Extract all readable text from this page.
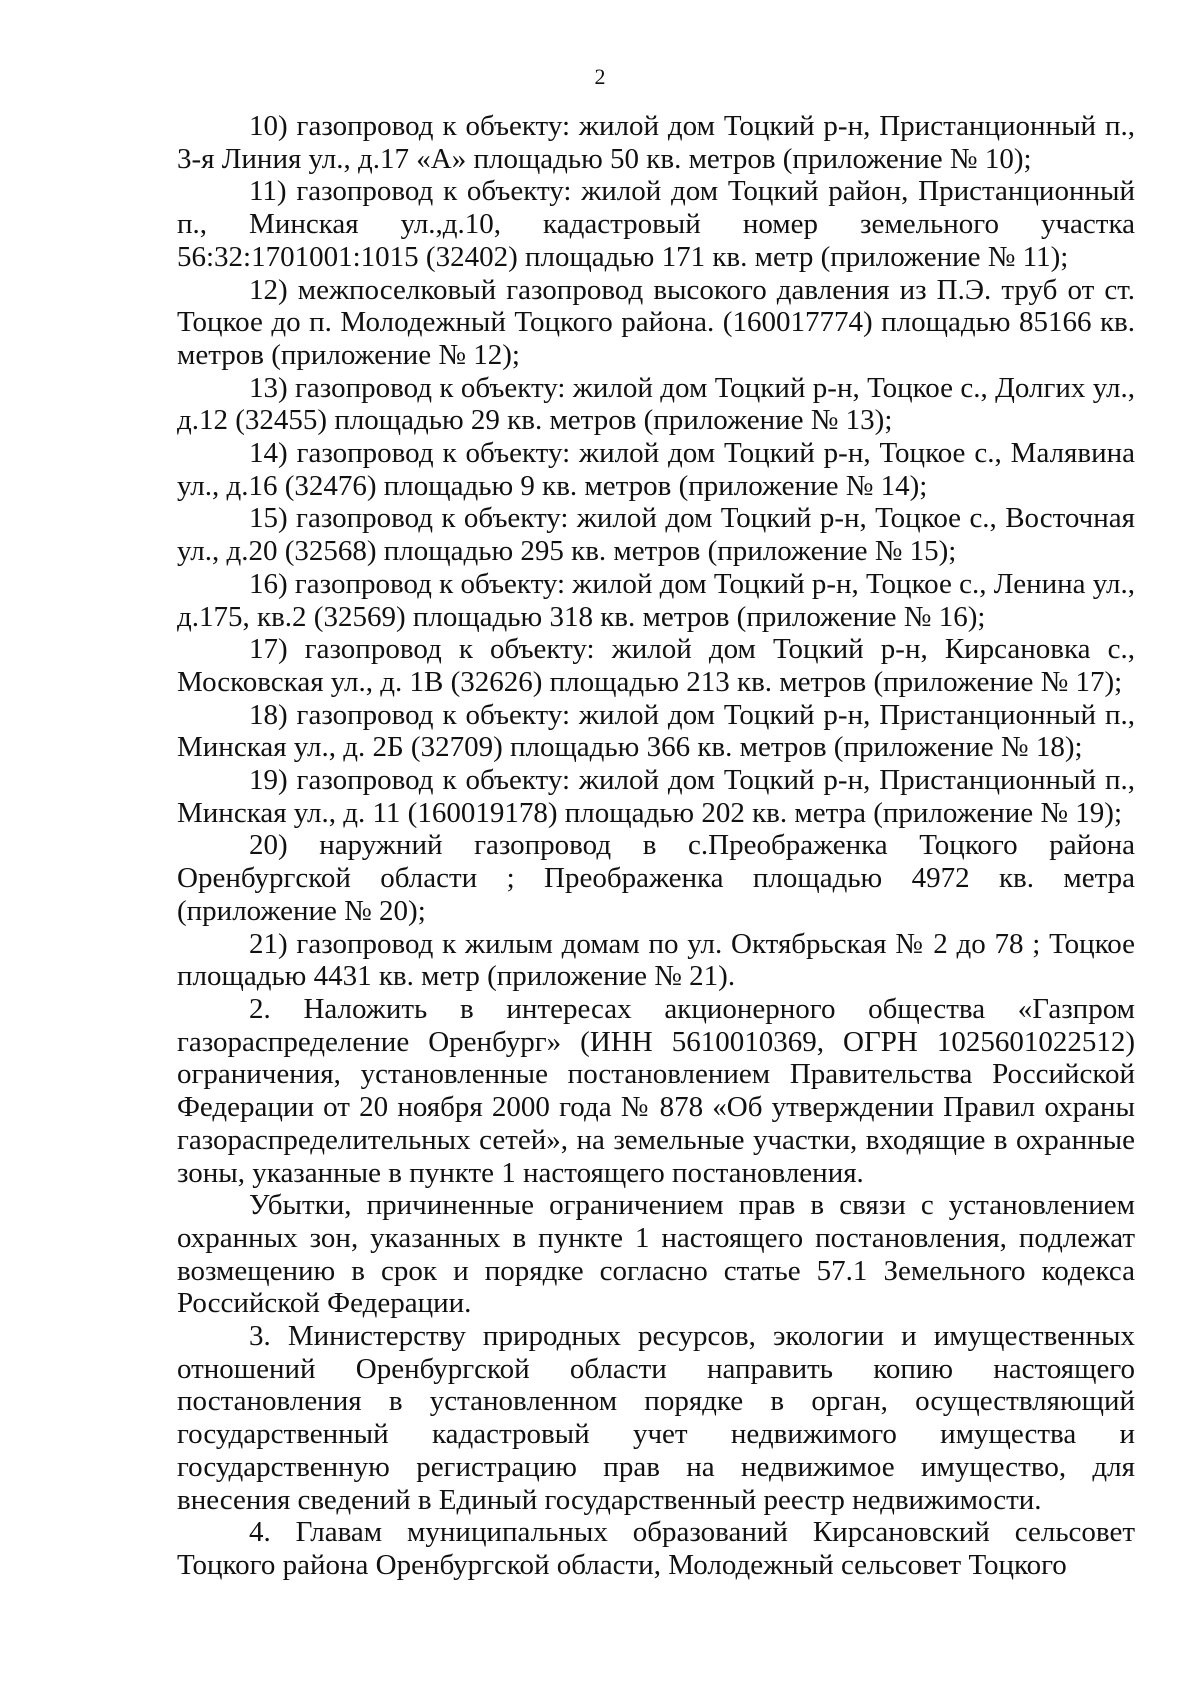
2

10) газопровод к объекту: жилой дом Тоцкий р-н, Пристанционный п., 3-я Линия ул., д.17 «А» площадью 50 кв. метров (приложение № 10);

11) газопровод к объекту: жилой дом Тоцкий район, Пристанционный п., Минская ул.,д.10, кадастровый номер земельного участка 56:32:1701001:1015 (32402) площадью 171 кв. метр (приложение № 11);

12) межпоселковый газопровод высокого давления из П.Э. труб от ст. Тоцкое до п. Молодежный Тоцкого района. (160017774) площадью 85166 кв. метров (приложение № 12);

13) газопровод к объекту: жилой дом Тоцкий р-н, Тоцкое с., Долгих ул., д.12 (32455) площадью 29 кв. метров (приложение № 13);

14) газопровод к объекту: жилой дом Тоцкий р-н, Тоцкое с., Малявина ул., д.16 (32476) площадью 9 кв. метров (приложение № 14);

15) газопровод к объекту: жилой дом Тоцкий р-н, Тоцкое с., Восточная ул., д.20 (32568) площадью 295 кв. метров (приложение № 15);

16) газопровод к объекту: жилой дом Тоцкий р-н, Тоцкое с., Ленина ул., д.175, кв.2 (32569) площадью 318 кв. метров (приложение № 16);

17) газопровод к объекту: жилой дом Тоцкий р-н, Кирсановка с., Московская ул., д. 1В (32626) площадью 213 кв. метров (приложение № 17);

18) газопровод к объекту: жилой дом Тоцкий р-н, Пристанционный п., Минская ул., д. 2Б (32709) площадью 366 кв. метров (приложение № 18);

19) газопровод к объекту: жилой дом Тоцкий р-н, Пристанционный п., Минская ул., д. 11 (160019178) площадью 202 кв. метра (приложение № 19);

20) наружний газопровод в с.Преображенка Тоцкого района Оренбургской области ; Преображенка площадью 4972 кв. метра (приложение № 20);

21) газопровод к жилым домам по ул. Октябрьская № 2 до 78 ; Тоцкое площадью 4431 кв. метр (приложение № 21).

2. Наложить в интересах акционерного общества «Газпром газораспределение Оренбург» (ИНН 5610010369, ОГРН 1025601022512) ограничения, установленные постановлением Правительства Российской Федерации от 20 ноября 2000 года № 878 «Об утверждении Правил охраны газораспределительных сетей», на земельные участки, входящие в охранные зоны, указанные в пункте 1 настоящего постановления.

Убытки, причиненные ограничением прав в связи с установлением охранных зон, указанных в пункте 1 настоящего постановления, подлежат возмещению в срок и порядке согласно статье 57.1 Земельного кодекса Российской Федерации.

3. Министерству природных ресурсов, экологии и имущественных отношений Оренбургской области направить копию настоящего постановления в установленном порядке в орган, осуществляющий государственный кадастровый учет недвижимого имущества и государственную регистрацию прав на недвижимое имущество, для внесения сведений в Единый государственный реестр недвижимости.

4. Главам муниципальных образований Кирсановский сельсовет Тоцкого района Оренбургской области, Молодежный сельсовет Тоцкого
